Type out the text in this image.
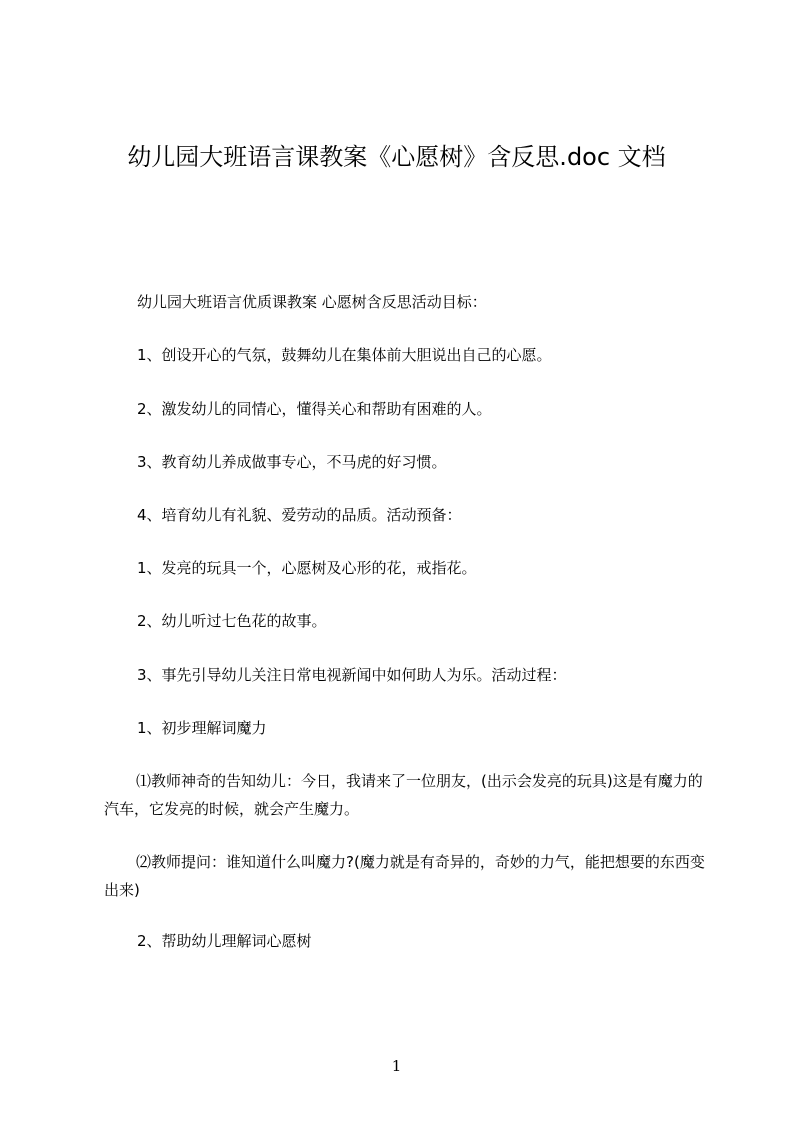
幼儿园大班语言课教案《心愿树》含反思.doc 文档
幼儿园大班语言优质课教案 心愿树含反思活动目标：
1、创设开心的气氛，鼓舞幼儿在集体前大胆说出自己的心愿。
2、激发幼儿的同情心，懂得关心和帮助有困难的人。
3、教育幼儿养成做事专心，不马虎的好习惯。
4、培育幼儿有礼貌、爱劳动的品质。活动预备：
1、发亮的玩具一个，心愿树及心形的花，戒指花。
2、幼儿听过七色花的故事。
3、事先引导幼儿关注日常电视新闻中如何助人为乐。活动过程：
1、初步理解词魔力
⑴教师神奇的告知幼儿：今日，我请来了一位朋友，(出示会发亮的玩具)这是有魔力的汽车，它发亮的时候，就会产生魔力。
⑵教师提问：谁知道什么叫魔力?(魔力就是有奇异的，奇妙的力气，能把想要的东西变出来)
2、帮助幼儿理解词心愿树
1
